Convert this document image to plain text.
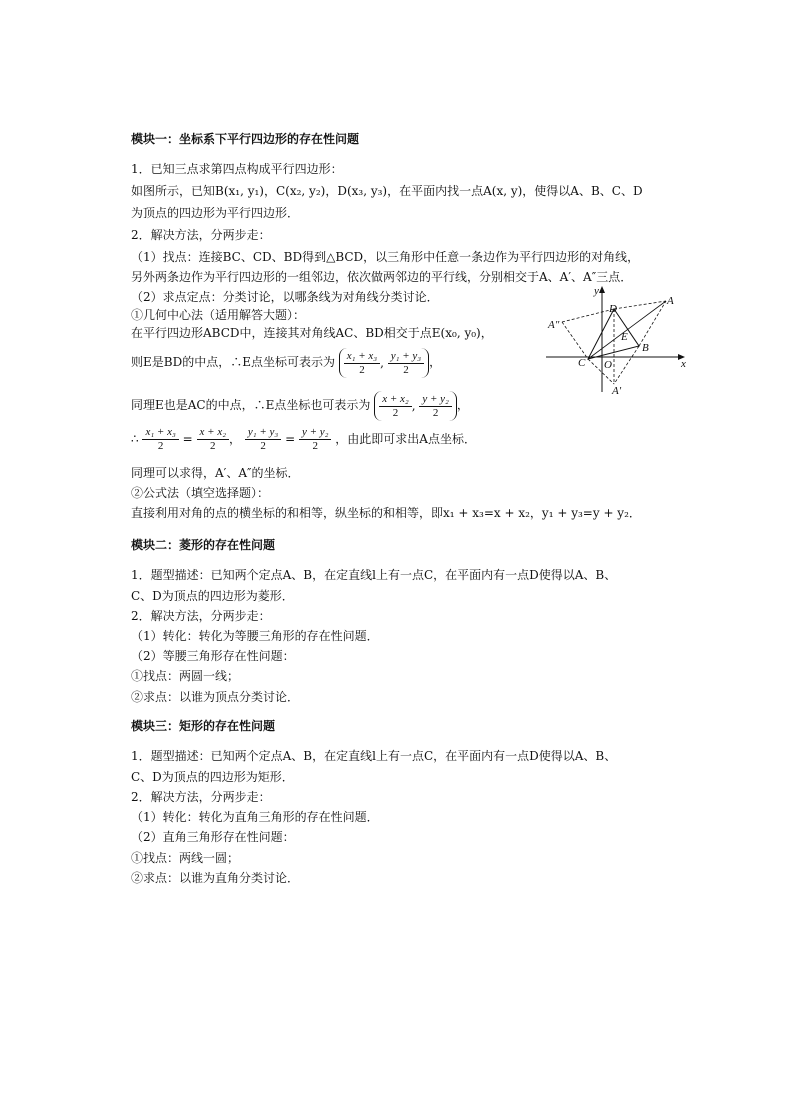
模块一：坐标系下平行四边形的存在性问题
1．已知三点求第四点构成平行四边形：
如图所示，已知B(x₁, y₁)，C(x₂, y₂)，D(x₃, y₃)，在平面内找一点A(x, y)，使得以A、B、C、D
为顶点的四边形为平行四边形．
2．解决方法，分两步走：
（1）找点：连接BC、CD、BD得到△BCD，以三角形中任意一条边作为平行四边形的对角线，
另外两条边作为平行四边形的一组邻边，依次做两邻边的平行线，分别相交于A、A′、A″三点．
（2）求点定点：分类讨论，以哪条线为对角线分类讨论．
①几何中心法（适用解答大题）：
在平行四边形ABCD中，连接其对角线AC、BD相交于点E(x₀, y₀)，
则E是BD的中点，∴E点坐标可表示为 $\frac{\text{x₁ + x₃}}{2}$ , $\frac{\text{y₁ + y₃}}{2}$ ，
同理E也是AC的中点，∴E点坐标也可表示为 $\frac{\text{x + x₂}}{2}$ , $\frac{\text{y + y₂}}{2}$ ，
∴ $\frac{\text{x₁ + x₃}}{2} = \frac{\text{x + x₂}}{2}$ ， $\frac{\text{y₁ + y₃}}{2} = \frac{\text{y + y₂}}{2}$ ，由此即可求出A点坐标．
同理可以求得，A′、A″的坐标．
②公式法（填空选择题）：
直接利用对角的点的横坐标的和相等，纵坐标的和相等，即x₁ + x₃=x + x₂，y₁ + y₃=y + y₂．
y
x
A
A″
A′
D
E
B
C O
模块二：菱形的存在性问题
1．题型描述：已知两个定点A、B，在定直线l上有一点C，在平面内有一点D使得以A、B、
C、D为顶点的四边形为菱形．
2．解决方法，分两步走：
（1）转化：转化为等腰三角形的存在性问题．
（2）等腰三角形存在性问题：
①找点：两圆一线；
②求点：以谁为顶点分类讨论．
模块三：矩形的存在性问题
1．题型描述：已知两个定点A、B，在定直线l上有一点C，在平面内有一点D使得以A、B、
C、D为顶点的四边形为矩形．
2．解决方法，分两步走：
（1）转化：转化为直角三角形的存在性问题．
（2）直角三角形存在性问题：
①找点：两线一圆；
②求点：以谁为直角分类讨论．
